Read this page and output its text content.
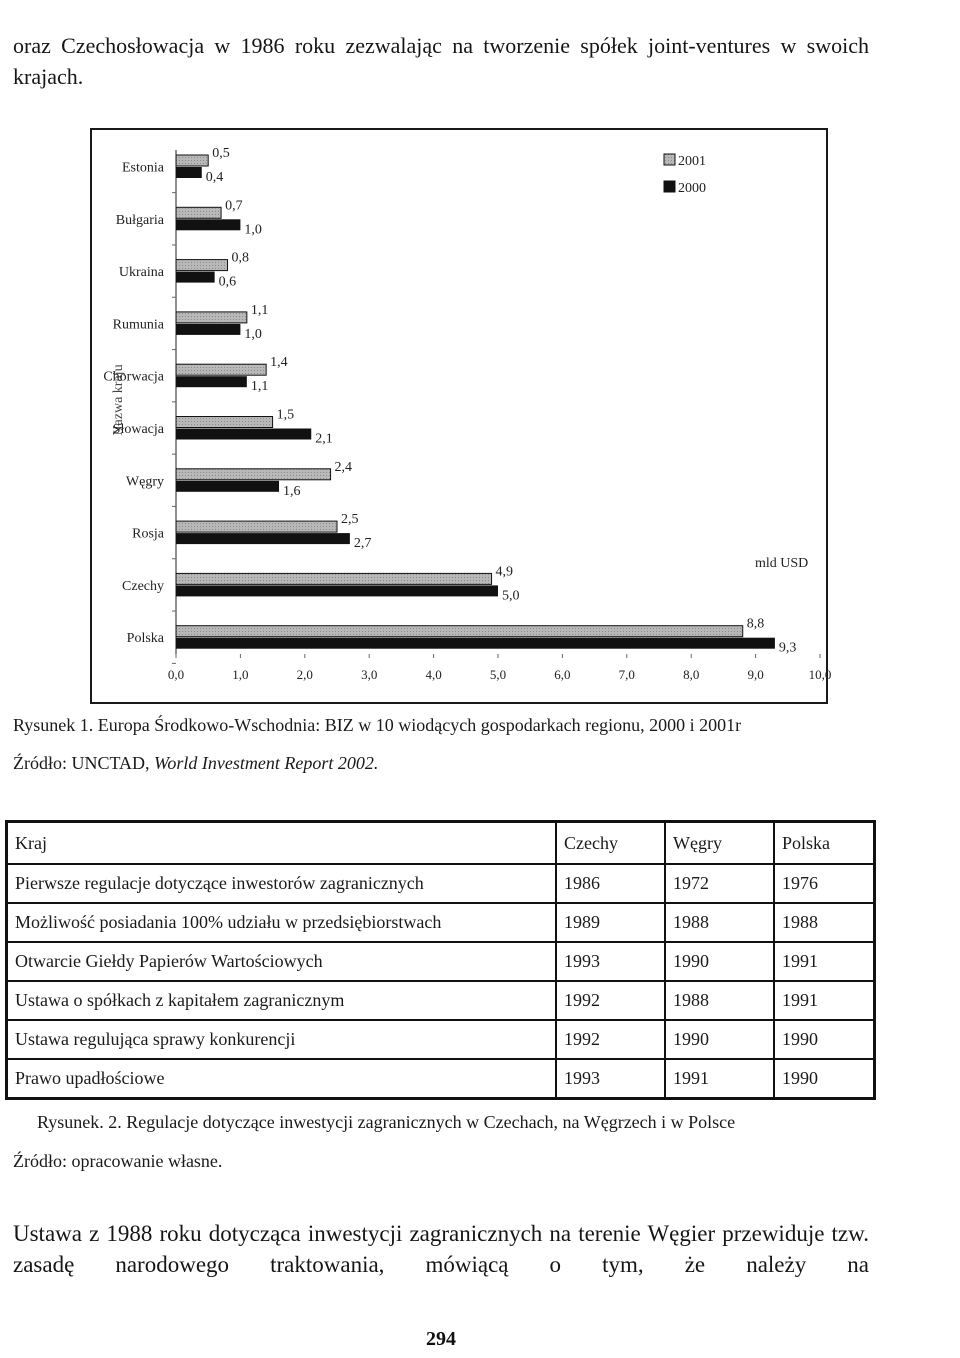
oraz Czechosłowacja w 1986 roku zezwalając na tworzenie spółek joint-ventures w swoich krajach.

0,0	1,0	2,0	3,0	4,0	5,0	6,0	7,0	8,0	9,0	10,0
Nazwa kraju
mld USD
2001
2000
Estonia
0,5
0,4
Bułgaria
0,7
1,0
Ukraina
0,8
0,6
Rumunia
1,1
1,0
Chorwacja
1,4
1,1
Słowacja
1,5
2,1
Węgry
2,4
1,6
Rosja
2,5
2,7
Czechy
4,9
5,0
Polska
8,8
9,3

Rysunek 1. Europa Środkowo-Wschodnia: BIZ w 10 wiodących gospodarkach regionu, 2000 i 2001r

Źródło: UNCTAD, World Investment Report 2002.

Kraj	Czechy	Węgry	Polska
Pierwsze regulacje dotyczące inwestorów zagranicznych	1986	1972	1976
Możliwość posiadania 100% udziału w przedsiębiorstwach	1989	1988	1988
Otwarcie Giełdy Papierów Wartościowych	1993	1990	1991
Ustawa o spółkach z kapitałem zagranicznym	1992	1988	1991
Ustawa regulująca sprawy konkurencji	1992	1990	1990
Prawo upadłościowe	1993	1991	1990

Rysunek. 2. Regulacje dotyczące inwestycji zagranicznych w Czechach, na Węgrzech i w Polsce

Źródło: opracowanie własne.

Ustawa z 1988 roku dotycząca inwestycji zagranicznych na terenie Węgier przewiduje tzw. zasadę narodowego traktowania, mówiącą o tym, że należy na

294
